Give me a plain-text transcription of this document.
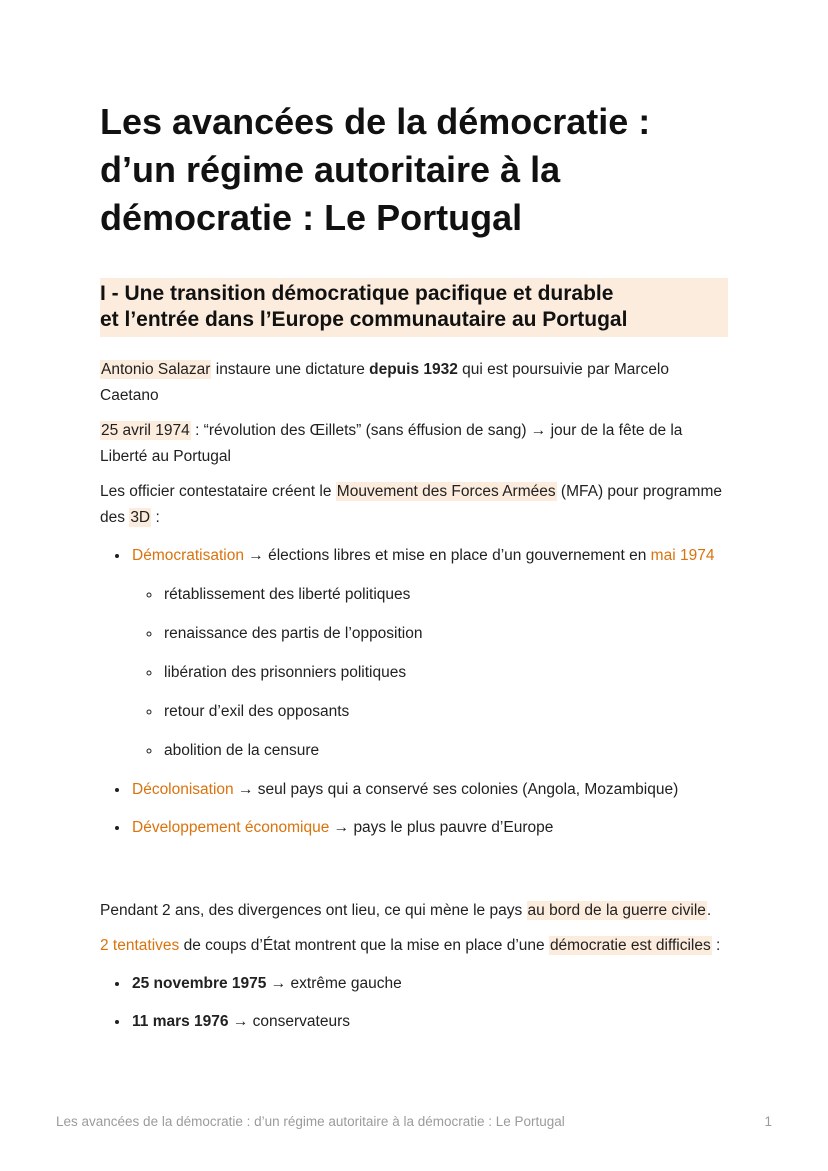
Les avancées de la démocratie :
d’un régime autoritaire à la
démocratie : Le Portugal
I - Une transition démocratique pacifique et durable
et l’entrée dans l’Europe communautaire au Portugal

Antonio Salazar instaure une dictature depuis 1932 qui est poursuivie par Marcelo Caetano

25 avril 1974 : “révolution des Œillets” (sans éffusion de sang) → jour de la fête de la Liberté au Portugal

Les officier contestataire créent le Mouvement des Forces Armées (MFA) pour programme des 3D :

• Démocratisation → élections libres et mise en place d’un gouvernement en mai 1974
◦ rétablissement des liberté politiques
◦ renaissance des partis de l’opposition
◦ libération des prisonniers politiques
◦ retour d’exil des opposants
◦ abolition de la censure
• Décolonisation → seul pays qui a conservé ses colonies (Angola, Mozambique)
• Développement économique → pays le plus pauvre d’Europe

Pendant 2 ans, des divergences ont lieu, ce qui mène le pays au bord de la guerre civile.

2 tentatives de coups d’État montrent que la mise en place d’une démocratie est difficiles :

• 25 novembre 1975 → extrême gauche
• 11 mars 1976 → conservateurs
Les avancées de la démocratie : d’un régime autoritaire à la démocratie : Le Portugal	1
